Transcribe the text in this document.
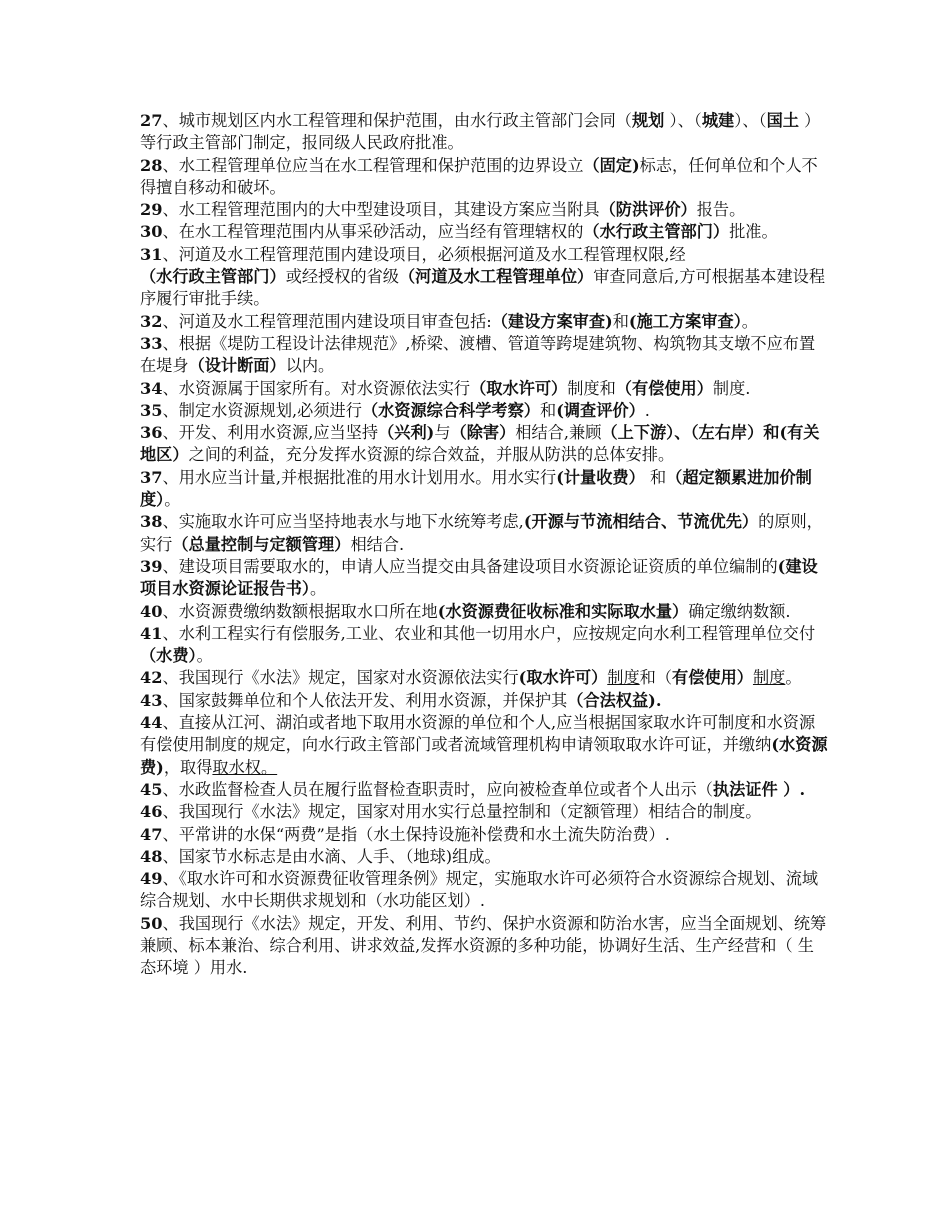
27、城市规划区内水工程管理和保护范围，由水行政主管部门会同（规划 ）、（城建）、（国土 ）等行政主管部门制定，报同级人民政府批准。

28、水工程管理单位应当在水工程管理和保护范围的边界设立（固定)标志，任何单位和个人不得擅自移动和破坏。

29、水工程管理范围内的大中型建设项目，其建设方案应当附具（防洪评价）报告。

30、在水工程管理范围内从事采砂活动，应当经有管理辖权的（水行政主管部门）批准。

31、河道及水工程管理范围内建设项目，必须根据河道及水工程管理权限,经（水行政主管部门）或经授权的省级（河道及水工程管理单位）审查同意后,方可根据基本建设程序履行审批手续。

32、河道及水工程管理范围内建设项目审查包括:（建设方案审查)和(施工方案审查）。

33、根据《堤防工程设计法律规范》,桥梁、渡槽、管道等跨堤建筑物、构筑物其支墩不应布置在堤身（设计断面）以内。

34、水资源属于国家所有。对水资源依法实行（取水许可）制度和（有偿使用）制度.

35、制定水资源规划,必须进行（水资源综合科学考察）和(调查评价）.

36、开发、利用水资源,应当坚持（兴利)与（除害）相结合,兼顾（上下游）、（左右岸）和(有关地区）之间的利益，充分发挥水资源的综合效益，并服从防洪的总体安排。

37、用水应当计量,并根据批准的用水计划用水。用水实行(计量收费） 和（超定额累进加价制度）。

38、实施取水许可应当坚持地表水与地下水统筹考虑,(开源与节流相结合、节流优先）的原则，实行（总量控制与定额管理）相结合.

39、建设项目需要取水的，申请人应当提交由具备建设项目水资源论证资质的单位编制的(建设项目水资源论证报告书）。

40、水资源费缴纳数额根据取水口所在地(水资源费征收标准和实际取水量）确定缴纳数额.

41、水利工程实行有偿服务,工业、农业和其他一切用水户，应按规定向水利工程管理单位交付（水费）。

42、我国现行《水法》规定，国家对水资源依法实行(取水许可）制度和（有偿使用）制度。

43、国家鼓舞单位和个人依法开发、利用水资源，并保护其（合法权益).

44、直接从江河、湖泊或者地下取用水资源的单位和个人,应当根据国家取水许可制度和水资源有偿使用制度的规定，向水行政主管部门或者流域管理机构申请领取取水许可证，并缴纳(水资源费)，取得取水权。

45、水政监督检查人员在履行监督检查职责时，应向被检查单位或者个人出示（执法证件 ）.

46、我国现行《水法》规定，国家对用水实行总量控制和（定额管理）相结合的制度。

47、平常讲的水保“两费”是指（水土保持设施补偿费和水土流失防治费）.

48、国家节水标志是由水滴、人手、（地球)组成。

49、《取水许可和水资源费征收管理条例》规定，实施取水许可必须符合水资源综合规划、流域综合规划、水中长期供求规划和（水功能区划）.

50、我国现行《水法》规定，开发、利用、节约、保护水资源和防治水害，应当全面规划、统筹兼顾、标本兼治、综合利用、讲求效益,发挥水资源的多种功能，协调好生活、生产经营和（ 生态环境 ）用水.
